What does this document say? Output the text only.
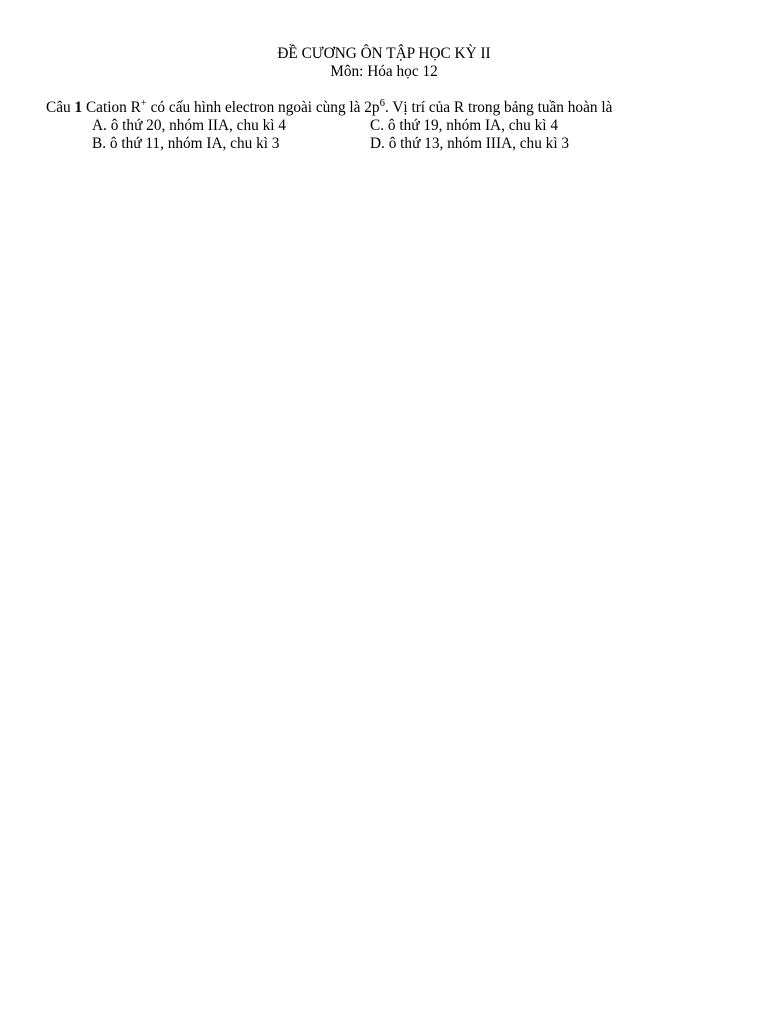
ĐỀ CƯƠNG ÔN TẬP HỌC KỲ II
Môn: Hóa học 12
Câu 1 Cation R+ có cấu hình electron ngoài cùng là $2p^6$. Vị trí của R trong bảng tuần hoàn là
A. ô thứ 20, nhóm IIA, chu kì 4	C. ô thứ 19, nhóm IA, chu kì 4
B. ô thứ 11, nhóm IA, chu kì 3	D. ô thứ 13, nhóm IIIA, chu kì 3
